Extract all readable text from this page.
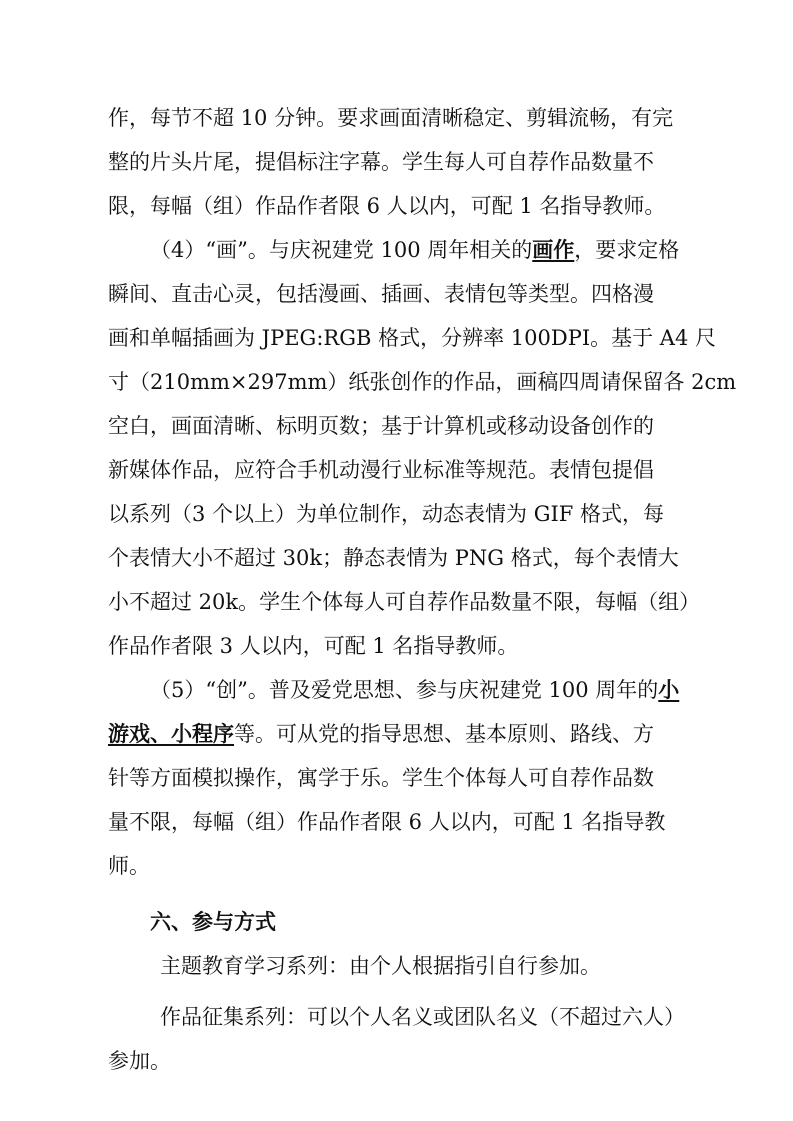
作，每节不超 10 分钟。要求画面清晰稳定、剪辑流畅，有完
整的片头片尾，提倡标注字幕。学生每人可自荐作品数量不
限，每幅（组）作品作者限 6 人以内，可配 1 名指导教师。
（4）“画”。与庆祝建党 100 周年相关的画作，要求定格
瞬间、直击心灵，包括漫画、插画、表情包等类型。四格漫
画和单幅插画为 JPEG:RGB 格式，分辨率 100DPI。基于 A4 尺
寸（210mm×297mm）纸张创作的作品，画稿四周请保留各 2cm
空白，画面清晰、标明页数；基于计算机或移动设备创作的
新媒体作品，应符合手机动漫行业标准等规范。表情包提倡
以系列（3 个以上）为单位制作，动态表情为 GIF 格式，每
个表情大小不超过 30k；静态表情为 PNG 格式，每个表情大
小不超过 20k。学生个体每人可自荐作品数量不限，每幅（组）
作品作者限 3 人以内，可配 1 名指导教师。
（5）“创”。普及爱党思想、参与庆祝建党 100 周年的小
游戏、小程序等。可从党的指导思想、基本原则、路线、方
针等方面模拟操作，寓学于乐。学生个体每人可自荐作品数
量不限，每幅（组）作品作者限 6 人以内，可配 1 名指导教
师。
六、参与方式
主题教育学习系列：由个人根据指引自行参加。
作品征集系列：可以个人名义或团队名义（不超过六人）
参加。
